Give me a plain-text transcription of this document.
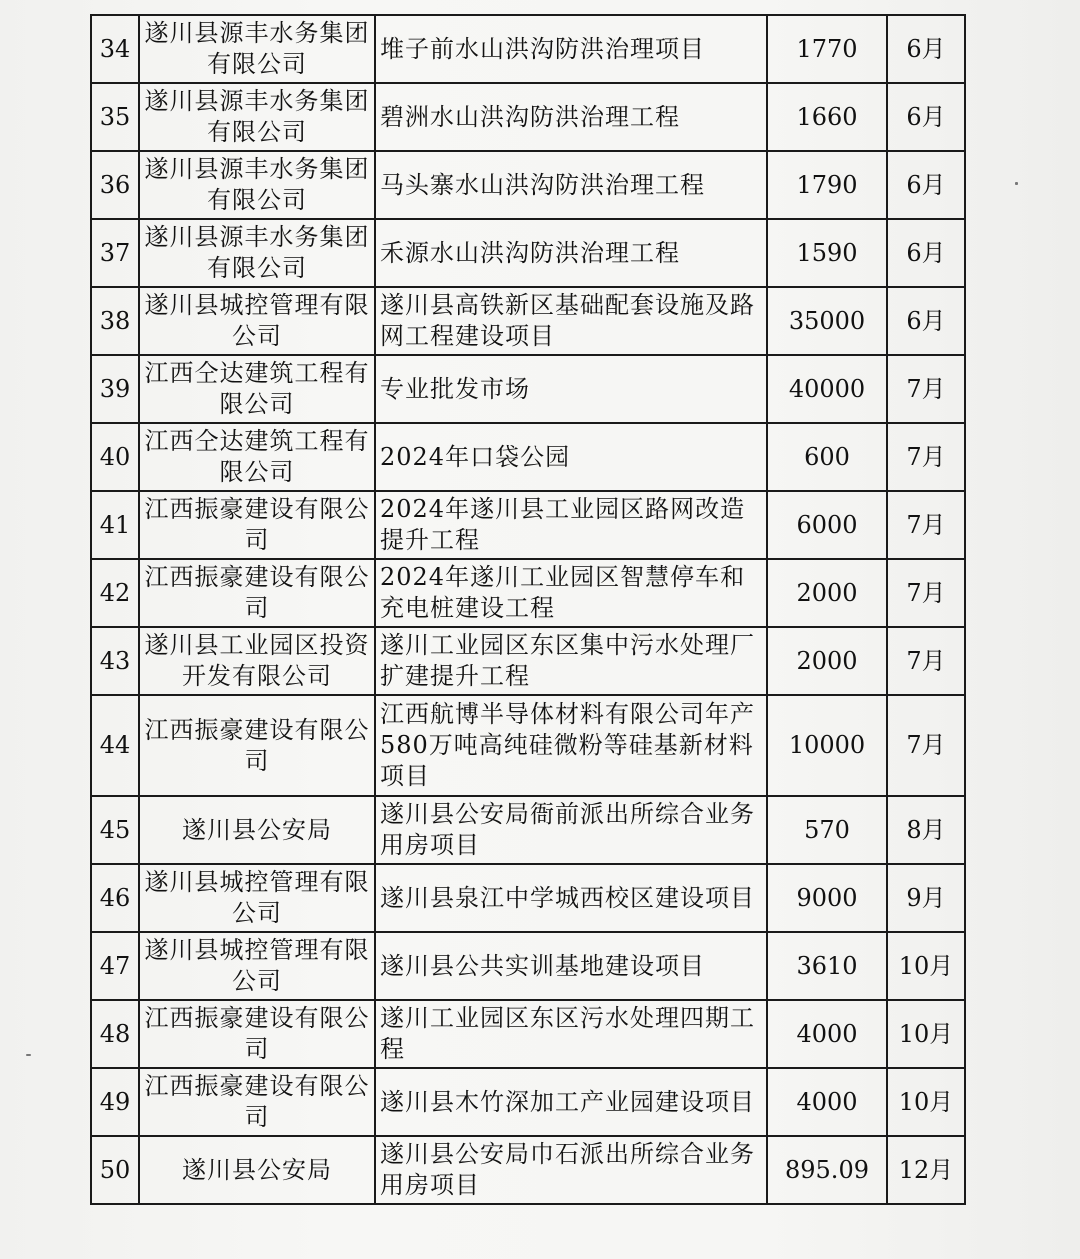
34	遂川县源丰水务集团有限公司	堆子前水山洪沟防洪治理项目	1770	6月
35	遂川县源丰水务集团有限公司	碧洲水山洪沟防洪治理工程	1660	6月
36	遂川县源丰水务集团有限公司	马头寨水山洪沟防洪治理工程	1790	6月
37	遂川县源丰水务集团有限公司	禾源水山洪沟防洪治理工程	1590	6月
38	遂川县城控管理有限公司	遂川县高铁新区基础配套设施及路网工程建设项目	35000	6月
39	江西仝达建筑工程有限公司	专业批发市场	40000	7月
40	江西仝达建筑工程有限公司	2024年口袋公园	600	7月
41	江西振豪建设有限公司	2024年遂川县工业园区路网改造提升工程	6000	7月
42	江西振豪建设有限公司	2024年遂川工业园区智慧停车和充电桩建设工程	2000	7月
43	遂川县工业园区投资开发有限公司	遂川工业园区东区集中污水处理厂扩建提升工程	2000	7月
44	江西振豪建设有限公司	江西航博半导体材料有限公司年产580万吨高纯硅微粉等硅基新材料项目	10000	7月
45	遂川县公安局	遂川县公安局衙前派出所综合业务用房项目	570	8月
46	遂川县城控管理有限公司	遂川县泉江中学城西校区建设项目	9000	9月
47	遂川县城控管理有限公司	遂川县公共实训基地建设项目	3610	10月
48	江西振豪建设有限公司	遂川工业园区东区污水处理四期工程	4000	10月
49	江西振豪建设有限公司	遂川县木竹深加工产业园建设项目	4000	10月
50	遂川县公安局	遂川县公安局巾石派出所综合业务用房项目	895.09	12月
